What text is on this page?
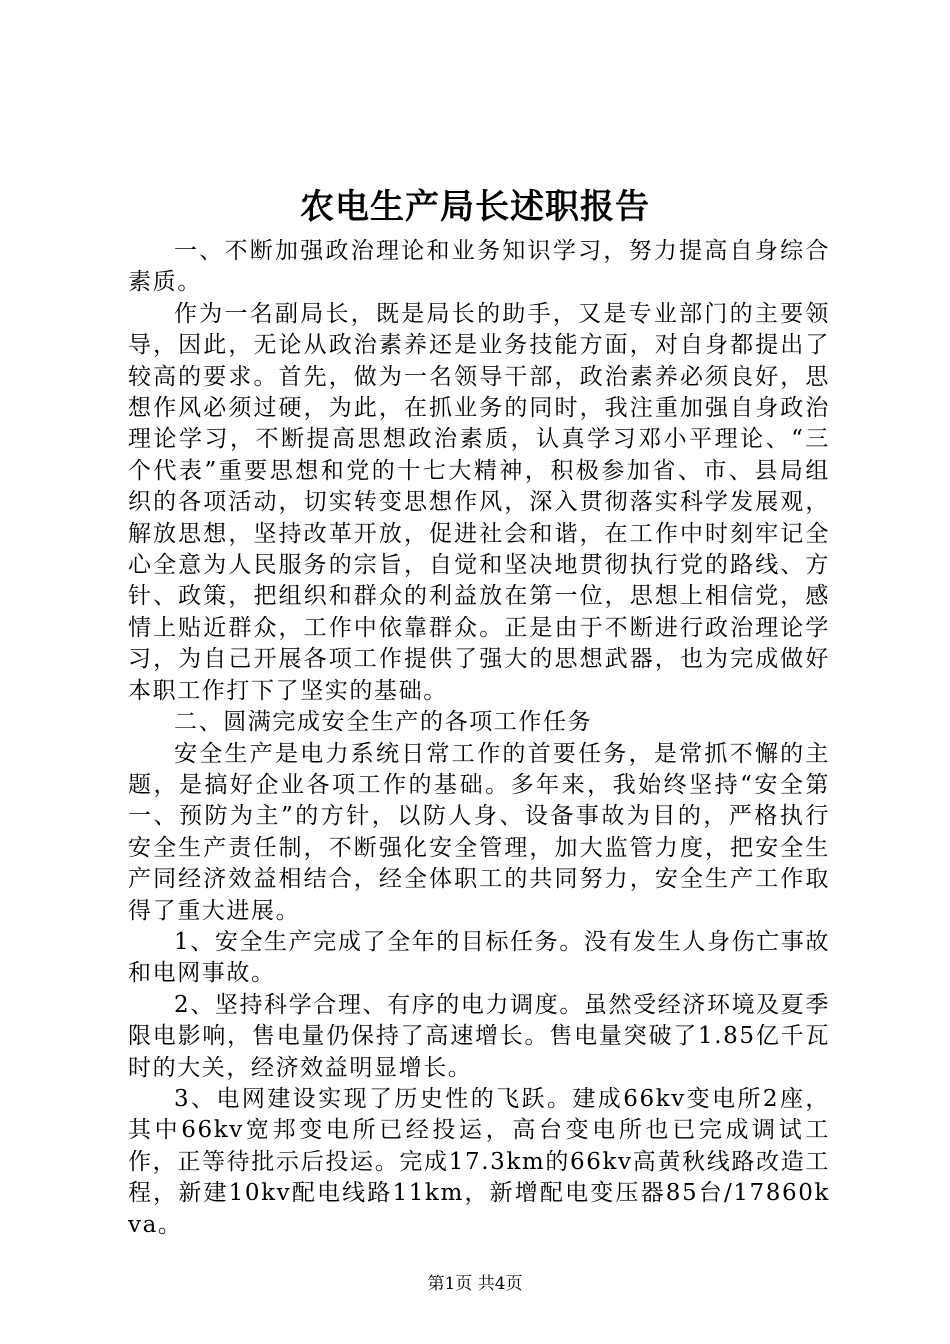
农电生产局长述职报告

一、不断加强政治理论和业务知识学习，努力提高自身综合素质。

作为一名副局长，既是局长的助手，又是专业部门的主要领导，因此，无论从政治素养还是业务技能方面，对自身都提出了较高的要求。首先，做为一名领导干部，政治素养必须良好，思想作风必须过硬，为此，在抓业务的同时，我注重加强自身政治理论学习，不断提高思想政治素质，认真学习邓小平理论、“三个代表”重要思想和党的十七大精神，积极参加省、市、县局组织的各项活动，切实转变思想作风，深入贯彻落实科学发展观，解放思想，坚持改革开放，促进社会和谐，在工作中时刻牢记全心全意为人民服务的宗旨，自觉和坚决地贯彻执行党的路线、方针、政策，把组织和群众的利益放在第一位，思想上相信党，感情上贴近群众，工作中依靠群众。正是由于不断进行政治理论学习，为自己开展各项工作提供了强大的思想武器，也为完成做好本职工作打下了坚实的基础。

二、圆满完成安全生产的各项工作任务

安全生产是电力系统日常工作的首要任务，是常抓不懈的主题，是搞好企业各项工作的基础。多年来，我始终坚持“安全第一、预防为主”的方针，以防人身、设备事故为目的，严格执行安全生产责任制，不断强化安全管理，加大监管力度，把安全生产同经济效益相结合，经全体职工的共同努力，安全生产工作取得了重大进展。

1、安全生产完成了全年的目标任务。没有发生人身伤亡事故和电网事故。

2、坚持科学合理、有序的电力调度。虽然受经济环境及夏季限电影响，售电量仍保持了高速增长。售电量突破了1.85亿千瓦时的大关，经济效益明显增长。

3、电网建设实现了历史性的飞跃。建成66kv变电所2座，其中66kv宽邦变电所已经投运，高台变电所也已完成调试工作，正等待批示后投运。完成17.3km的66kv高黄秋线路改造工程，新建10kv配电线路11km，新增配电变压器85台/17860kva。

第1页 共4页
